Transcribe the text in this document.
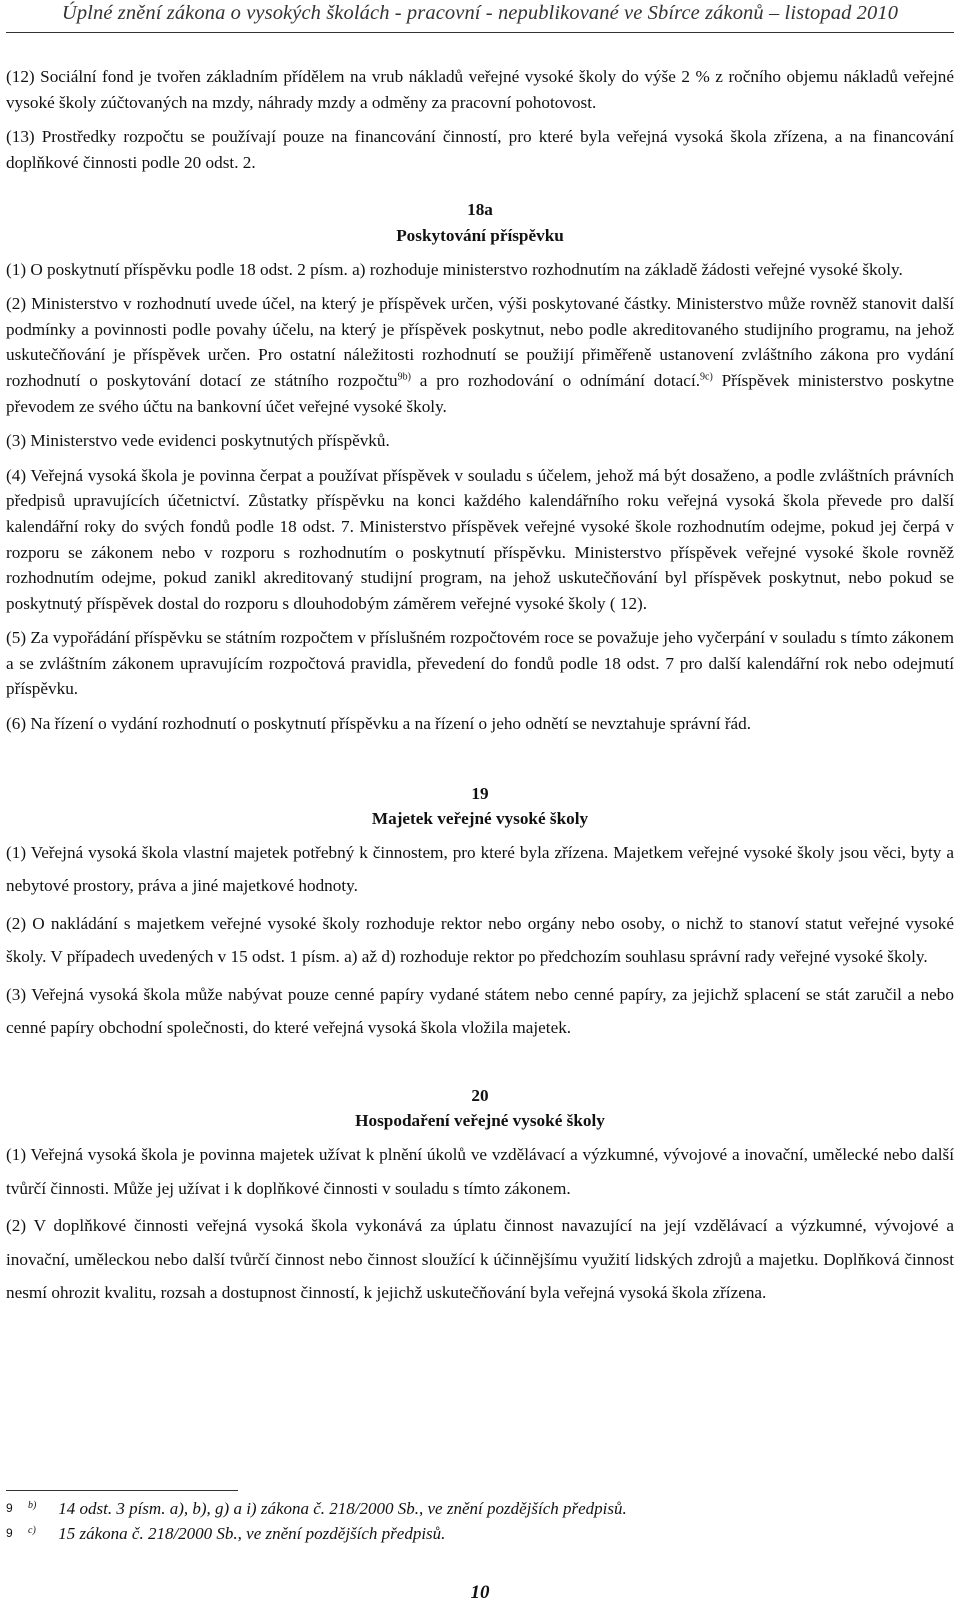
Úplné znění zákona o vysokých školách - pracovní - nepublikované ve Sbírce zákonů – listopad 2010

(12) Sociální fond je tvořen základním přídělem na vrub nákladů veřejné vysoké školy do výše 2 % z ročního objemu nákladů veřejné vysoké školy zúčtovaných na mzdy, náhrady mzdy a odměny za pracovní pohotovost.

(13) Prostředky rozpočtu se používají pouze na financování činností, pro které byla veřejná vysoká škola zřízena, a na financování doplňkové činnosti podle 20 odst. 2.

18a
Poskytování příspěvku

(1) O poskytnutí příspěvku podle 18 odst. 2 písm. a) rozhoduje ministerstvo rozhodnutím na základě žádosti veřejné vysoké školy.

(2) Ministerstvo v rozhodnutí uvede účel, na který je příspěvek určen, výši poskytované částky. Ministerstvo může rovněž stanovit další podmínky a povinnosti podle povahy účelu, na který je příspěvek poskytnut, nebo podle akreditovaného studijního programu, na jehož uskutečňování je příspěvek určen. Pro ostatní náležitosti rozhodnutí se použijí přiměřeně ustanovení zvláštního zákona pro vydání rozhodnutí o poskytování dotací ze státního rozpočtu$^{9b)}$ a pro rozhodování o odnímání dotací.$^{9c)}$ Příspěvek ministerstvo poskytne převodem ze svého účtu na bankovní účet veřejné vysoké školy.

(3) Ministerstvo vede evidenci poskytnutých příspěvků.

(4) Veřejná vysoká škola je povinna čerpat a používat příspěvek v souladu s účelem, jehož má být dosaženo, a podle zvláštních právních předpisů upravujících účetnictví. Zůstatky příspěvku na konci každého kalendářního roku veřejná vysoká škola převede pro další kalendářní roky do svých fondů podle 18 odst. 7. Ministerstvo příspěvek veřejné vysoké škole rozhodnutím odejme, pokud jej čerpá v rozporu se zákonem nebo v rozporu s rozhodnutím o poskytnutí příspěvku. Ministerstvo příspěvek veřejné vysoké škole rovněž rozhodnutím odejme, pokud zanikl akreditovaný studijní program, na jehož uskutečňování byl příspěvek poskytnut, nebo pokud se poskytnutý příspěvek dostal do rozporu s dlouhodobým záměrem veřejné vysoké školy ( 12).

(5) Za vypořádání příspěvku se státním rozpočtem v příslušném rozpočtovém roce se považuje jeho vyčerpání v souladu s tímto zákonem a se zvláštním zákonem upravujícím rozpočtová pravidla, převedení do fondů podle 18 odst. 7 pro další kalendářní rok nebo odejmutí příspěvku.

(6) Na řízení o vydání rozhodnutí o poskytnutí příspěvku a na řízení o jeho odnětí se nevztahuje správní řád.

19
Majetek veřejné vysoké školy

(1) Veřejná vysoká škola vlastní majetek potřebný k činnostem, pro které byla zřízena. Majetkem veřejné vysoké školy jsou věci, byty a nebytové prostory, práva a jiné majetkové hodnoty.

(2) O nakládání s majetkem veřejné vysoké školy rozhoduje rektor nebo orgány nebo osoby, o nichž to stanoví statut veřejné vysoké školy. V případech uvedených v 15 odst. 1 písm. a) až d) rozhoduje rektor po předchozím souhlasu správní rady veřejné vysoké školy.

(3) Veřejná vysoká škola může nabývat pouze cenné papíry vydané státem nebo cenné papíry, za jejichž splacení se stát zaručil a nebo cenné papíry obchodní společnosti, do které veřejná vysoká škola vložila majetek.

20
Hospodaření veřejné vysoké školy

(1) Veřejná vysoká škola je povinna majetek užívat k plnění úkolů ve vzdělávací a výzkumné, vývojové a inovační, umělecké nebo další tvůrčí činnosti. Může jej užívat i k doplňkové činnosti v souladu s tímto zákonem.

(2) V doplňkové činnosti veřejná vysoká škola vykonává za úplatu činnost navazující na její vzdělávací a výzkumné, vývojové a inovační, uměleckou nebo další tvůrčí činnost nebo činnost sloužící k účinnějšímu využití lidských zdrojů a majetku. Doplňková činnost nesmí ohrozit kvalitu, rozsah a dostupnost činností, k jejichž uskutečňování byla veřejná vysoká škola zřízena.

9 b) 14 odst. 3 písm. a), b), g) a i) zákona č. 218/2000 Sb., ve znění pozdějších předpisů.
9 c) 15 zákona č. 218/2000 Sb., ve znění pozdějších předpisů.
10
